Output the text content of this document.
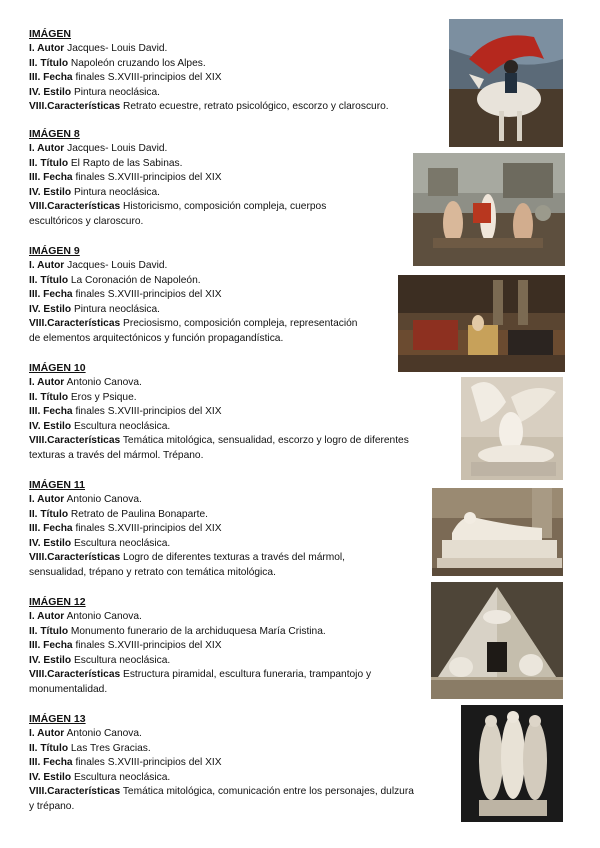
IMÁGEN
I. Autor Jacques- Louis David.
II. Título Napoleón cruzando los Alpes.
III. Fecha finales S.XVIII-principios del XIX
IV. Estilo Pintura neoclásica.
VIII.Características Retrato ecuestre, retrato psicológico, escorzo y claroscuro.
IMÁGEN 8
I. Autor Jacques- Louis David.
II. Título El Rapto de las Sabinas.
III. Fecha finales S.XVIII-principios del XIX
IV. Estilo Pintura neoclásica.
VIII.Características Historicismo, composición compleja, cuerpos
escultóricos y claroscuro.
IMÁGEN 9
I. Autor Jacques- Louis David.
II. Título La Coronación de Napoleón.
III. Fecha finales S.XVIII-principios del XIX
IV. Estilo Pintura neoclásica.
VIII.Características Preciosismo, composición compleja, representación
de elementos arquitectónicos y función propagandística.
IMÁGEN 10
I. Autor Antonio Canova.
II. Título Eros y Psique.
III. Fecha finales S.XVIII-principios del XIX
IV. Estilo Escultura neoclásica.
VIII.Características Temática mitológica, sensualidad, escorzo y logro de diferentes
texturas a través del mármol. Trépano.
IMÁGEN 11
I. Autor Antonio Canova.
II. Título Retrato de Paulina Bonaparte.
III. Fecha finales S.XVIII-principios del XIX
IV. Estilo Escultura neoclásica.
VIII.Características Logro de diferentes texturas a través del mármol,
sensualidad, trépano y retrato con temática mitológica.
IMÁGEN 12
I. Autor Antonio Canova.
II. Título Monumento funerario de la archiduquesa María Cristina.
III. Fecha finales S.XVIII-principios del XIX
IV. Estilo Escultura neoclásica.
VIII.Características Estructura piramidal, escultura funeraria, trampantojo y
monumentalidad.
IMÁGEN 13
I. Autor Antonio Canova.
II. Título Las Tres Gracias.
III. Fecha finales S.XVIII-principios del XIX
IV. Estilo Escultura neoclásica.
VIII.Características Temática mitológica, comunicación entre los personajes, dulzura
y trépano.
